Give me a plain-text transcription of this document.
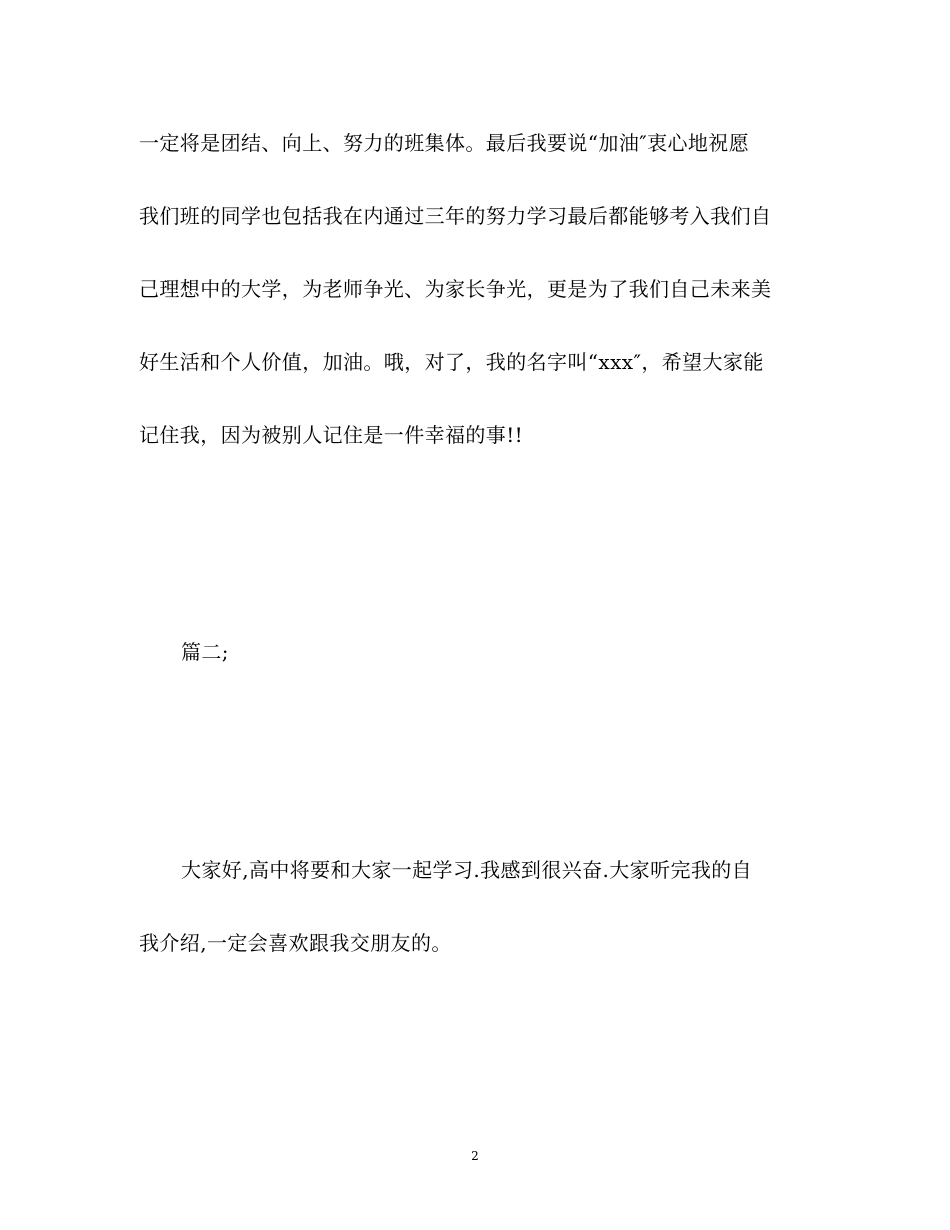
一定将是团结、向上、努力的班集体。最后我要说“加油″衷心地祝愿
我们班的同学也包括我在内通过三年的努力学习最后都能够考入我们自
己理想中的大学，为老师争光、为家长争光，更是为了我们自己未来美
好生活和个人价值，加油。哦，对了，我的名字叫“xxx″，希望大家能
记住我，因为被别人记住是一件幸福的事!!
篇二;
大家好,高中将要和大家一起学习.我感到很兴奋.大家听完我的自
我介绍,一定会喜欢跟我交朋友的。
2
